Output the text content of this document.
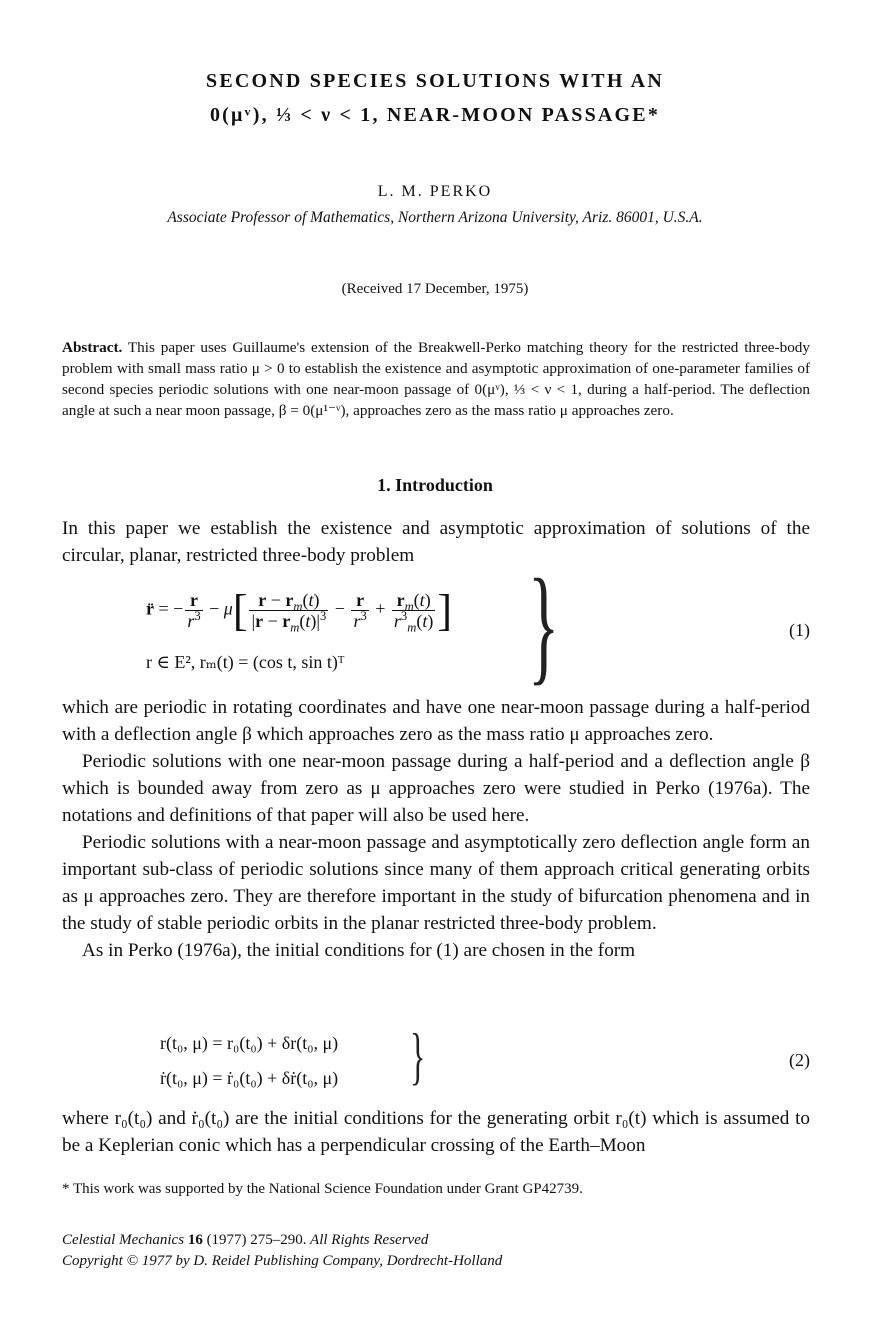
SECOND SPECIES SOLUTIONS WITH AN
0(μᵛ), ⅓ < ν < 1, NEAR-MOON PASSAGE*
L. M. PERKO
Associate Professor of Mathematics, Northern Arizona University, Ariz. 86001, U.S.A.
(Received 17 December, 1975)
Abstract. This paper uses Guillaume's extension of the Breakwell-Perko matching theory for the restricted three-body problem with small mass ratio μ > 0 to establish the existence and asymptotic approximation of one-parameter families of second species periodic solutions with one near-moon passage of 0(μᵛ), ⅓ < ν < 1, during a half-period. The deflection angle at such a near moon passage, β = 0(μ¹⁻ᵛ), approaches zero as the mass ratio μ approaches zero.
1. Introduction

In this paper we establish the existence and asymptotic approximation of solutions of the circular, planar, restricted three-body problem

r̈ = − $\frac{r}{r^3} - \mu[ \frac{r - r_m(t)}{|r - r_m(t)|^3} - \frac{r}{r^3} + \frac{r_m(t)}{r^3_m(t)}$ ]
r ∈ E², rₘ(t) = (cos t, sin t)ᵀ }	(1)

which are periodic in rotating coordinates and have one near-moon passage during a half-period with a deflection angle β which approaches zero as the mass ratio μ approaches zero.

Periodic solutions with one near-moon passage during a half-period and a deflection angle β which is bounded away from zero as μ approaches zero were studied in Perko (1976a). The notations and definitions of that paper will also be used here.

Periodic solutions with a near-moon passage and asymptotically zero deflection angle form an important sub-class of periodic solutions since many of them approach critical generating orbits as μ approaches zero. They are therefore important in the study of bifurcation phenomena and in the study of stable periodic orbits in the planar restricted three-body problem.

As in Perko (1976a), the initial conditions for (1) are chosen in the form

r(t₀, μ) = r₀(t₀) + δr(t₀, μ)
ṙ(t₀, μ) = ṙ₀(t₀) + δṙ(t₀, μ) }	(2)

where r₀(t₀) and ṙ₀(t₀) are the initial conditions for the generating orbit r₀(t) which is assumed to be a Keplerian conic which has a perpendicular crossing of the Earth–Moon

* This work was supported by the National Science Foundation under Grant GP42739.
Celestial Mechanics 16 (1977) 275–290. All Rights Reserved
Copyright © 1977 by D. Reidel Publishing Company, Dordrecht-Holland
